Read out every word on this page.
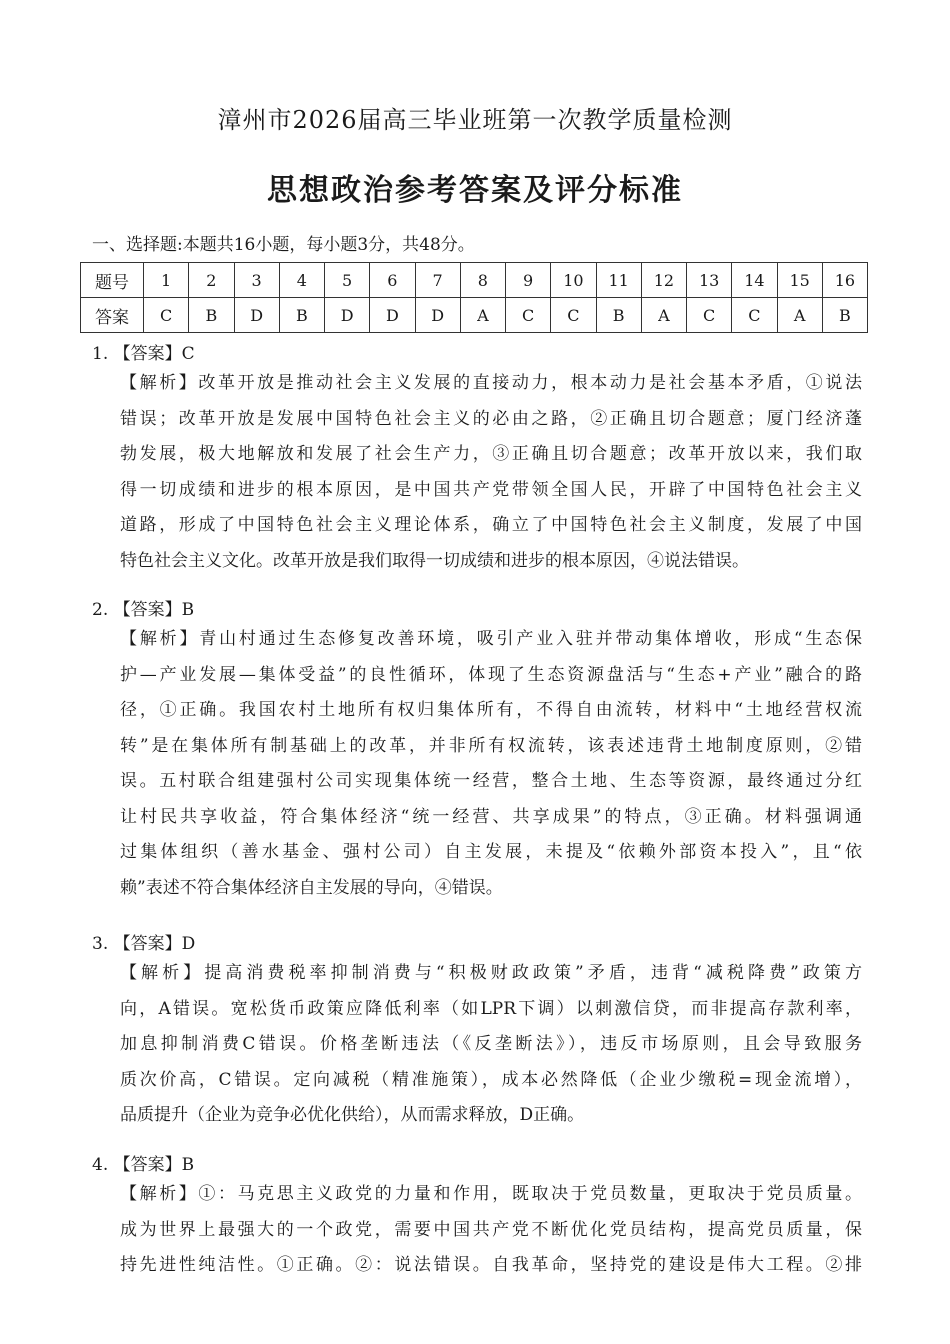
漳州市2026届高三毕业班第一次教学质量检测
思想政治参考答案及评分标准
一、选择题:本题共16小题，每小题3分，共48分。
题号	1	2	3	4	5	6	7	8	9	10	11	12	13	14	15	16
答案	C	B	D	B	D	D	D	A	C	C	B	A	C	C	A	B
1. 【答案】C
【解析】改革开放是推动社会主义发展的直接动力，根本动力是社会基本矛盾，①说法
错误；改革开放是发展中国特色社会主义的必由之路，②正确且切合题意；厦门经济蓬
勃发展，极大地解放和发展了社会生产力，③正确且切合题意；改革开放以来，我们取
得一切成绩和进步的根本原因，是中国共产党带领全国人民，开辟了中国特色社会主义
道路，形成了中国特色社会主义理论体系，确立了中国特色社会主义制度，发展了中国
特色社会主义文化。改革开放是我们取得一切成绩和进步的根本原因，④说法错误。
2. 【答案】B
【解析】青山村通过生态修复改善环境，吸引产业入驻并带动集体增收，形成“生态保
护—产业发展—集体受益”的良性循环，体现了生态资源盘活与“生态+产业”融合的路
径，①正确。我国农村土地所有权归集体所有，不得自由流转，材料中“土地经营权流
转”是在集体所有制基础上的改革，并非所有权流转，该表述违背土地制度原则，②错
误。五村联合组建强村公司实现集体统一经营，整合土地、生态等资源，最终通过分红
让村民共享收益，符合集体经济“统一经营、共享成果”的特点，③正确。材料强调通
过集体组织（善水基金、强村公司）自主发展，未提及“依赖外部资本投入”，且“依
赖”表述不符合集体经济自主发展的导向，④错误。
3. 【答案】D
【解析】提高消费税率抑制消费与“积极财政政策”矛盾，违背“减税降费”政策方
向，A错误。宽松货币政策应降低利率（如LPR下调）以刺激信贷，而非提高存款利率，
加息抑制消费C错误。价格垄断违法（《反垄断法》），违反市场原则，且会导致服务
质次价高，C错误。定向减税（精准施策），成本必然降低（企业少缴税=现金流增），
品质提升（企业为竞争必优化供给），从而需求释放，D正确。
4. 【答案】B
【解析】①：马克思主义政党的力量和作用，既取决于党员数量，更取决于党员质量。
成为世界上最强大的一个政党，需要中国共产党不断优化党员结构，提高党员质量，保
持先进性纯洁性。①正确。②：说法错误。自我革命，坚持党的建设是伟大工程。②排
